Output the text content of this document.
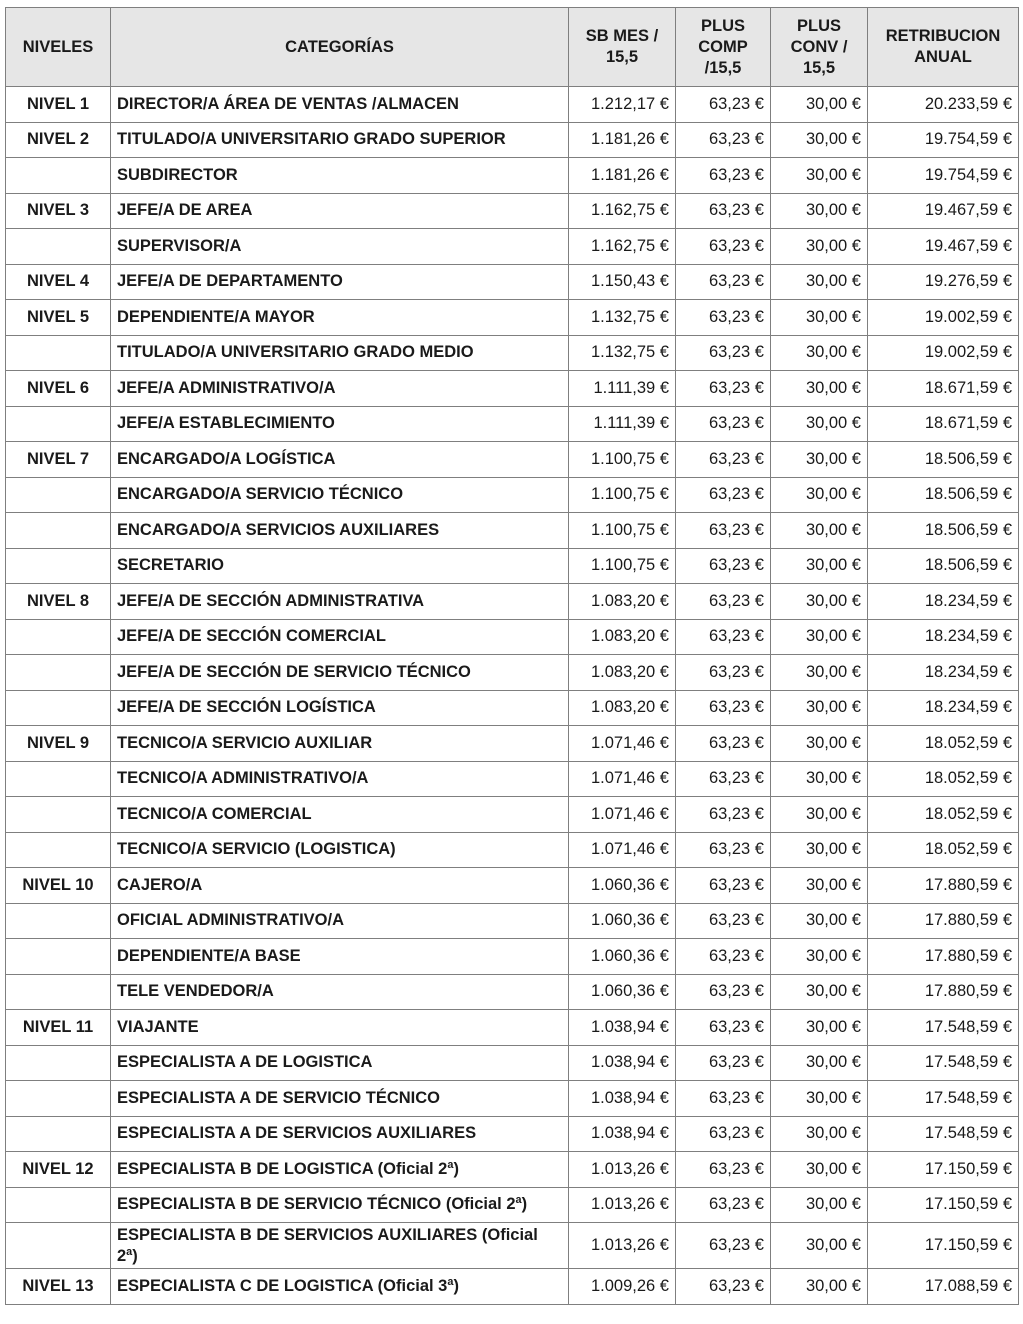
NIVELES	CATEGORÍAS	SB MES / 15,5	PLUS COMP /15,5	PLUS CONV / 15,5	RETRIBUCION ANUAL
NIVEL 1	DIRECTOR/A ÁREA DE VENTAS /ALMACEN	1.212,17 €	63,23 €	30,00 €	20.233,59 €
NIVEL 2	TITULADO/A UNIVERSITARIO GRADO SUPERIOR	1.181,26 €	63,23 €	30,00 €	19.754,59 €
	SUBDIRECTOR	1.181,26 €	63,23 €	30,00 €	19.754,59 €
NIVEL 3	JEFE/A DE AREA	1.162,75 €	63,23 €	30,00 €	19.467,59 €
	SUPERVISOR/A	1.162,75 €	63,23 €	30,00 €	19.467,59 €
NIVEL 4	JEFE/A DE DEPARTAMENTO	1.150,43 €	63,23 €	30,00 €	19.276,59 €
NIVEL 5	DEPENDIENTE/A MAYOR	1.132,75 €	63,23 €	30,00 €	19.002,59 €
	TITULADO/A UNIVERSITARIO GRADO MEDIO	1.132,75 €	63,23 €	30,00 €	19.002,59 €
NIVEL 6	JEFE/A ADMINISTRATIVO/A	1.111,39 €	63,23 €	30,00 €	18.671,59 €
	JEFE/A ESTABLECIMIENTO	1.111,39 €	63,23 €	30,00 €	18.671,59 €
NIVEL 7	ENCARGADO/A LOGÍSTICA	1.100,75 €	63,23 €	30,00 €	18.506,59 €
	ENCARGADO/A SERVICIO TÉCNICO	1.100,75 €	63,23 €	30,00 €	18.506,59 €
	ENCARGADO/A SERVICIOS AUXILIARES	1.100,75 €	63,23 €	30,00 €	18.506,59 €
	SECRETARIO	1.100,75 €	63,23 €	30,00 €	18.506,59 €
NIVEL 8	JEFE/A DE SECCIÓN ADMINISTRATIVA	1.083,20 €	63,23 €	30,00 €	18.234,59 €
	JEFE/A DE SECCIÓN COMERCIAL	1.083,20 €	63,23 €	30,00 €	18.234,59 €
	JEFE/A DE SECCIÓN DE SERVICIO TÉCNICO	1.083,20 €	63,23 €	30,00 €	18.234,59 €
	JEFE/A DE SECCIÓN LOGÍSTICA	1.083,20 €	63,23 €	30,00 €	18.234,59 €
NIVEL 9	TECNICO/A SERVICIO AUXILIAR	1.071,46 €	63,23 €	30,00 €	18.052,59 €
	TECNICO/A ADMINISTRATIVO/A	1.071,46 €	63,23 €	30,00 €	18.052,59 €
	TECNICO/A COMERCIAL	1.071,46 €	63,23 €	30,00 €	18.052,59 €
	TECNICO/A SERVICIO (LOGISTICA)	1.071,46 €	63,23 €	30,00 €	18.052,59 €
NIVEL 10	CAJERO/A	1.060,36 €	63,23 €	30,00 €	17.880,59 €
	OFICIAL ADMINISTRATIVO/A	1.060,36 €	63,23 €	30,00 €	17.880,59 €
	DEPENDIENTE/A BASE	1.060,36 €	63,23 €	30,00 €	17.880,59 €
	TELE VENDEDOR/A	1.060,36 €	63,23 €	30,00 €	17.880,59 €
NIVEL 11	VIAJANTE	1.038,94 €	63,23 €	30,00 €	17.548,59 €
	ESPECIALISTA A DE LOGISTICA	1.038,94 €	63,23 €	30,00 €	17.548,59 €
	ESPECIALISTA A DE SERVICIO TÉCNICO	1.038,94 €	63,23 €	30,00 €	17.548,59 €
	ESPECIALISTA A DE SERVICIOS AUXILIARES	1.038,94 €	63,23 €	30,00 €	17.548,59 €
NIVEL 12	ESPECIALISTA B DE LOGISTICA (Oficial 2ª)	1.013,26 €	63,23 €	30,00 €	17.150,59 €
	ESPECIALISTA B DE SERVICIO TÉCNICO (Oficial 2ª)	1.013,26 €	63,23 €	30,00 €	17.150,59 €
	ESPECIALISTA B DE SERVICIOS AUXILIARES (Oficial 2ª)	1.013,26 €	63,23 €	30,00 €	17.150,59 €
NIVEL 13	ESPECIALISTA C DE LOGISTICA (Oficial 3ª)	1.009,26 €	63,23 €	30,00 €	17.088,59 €
